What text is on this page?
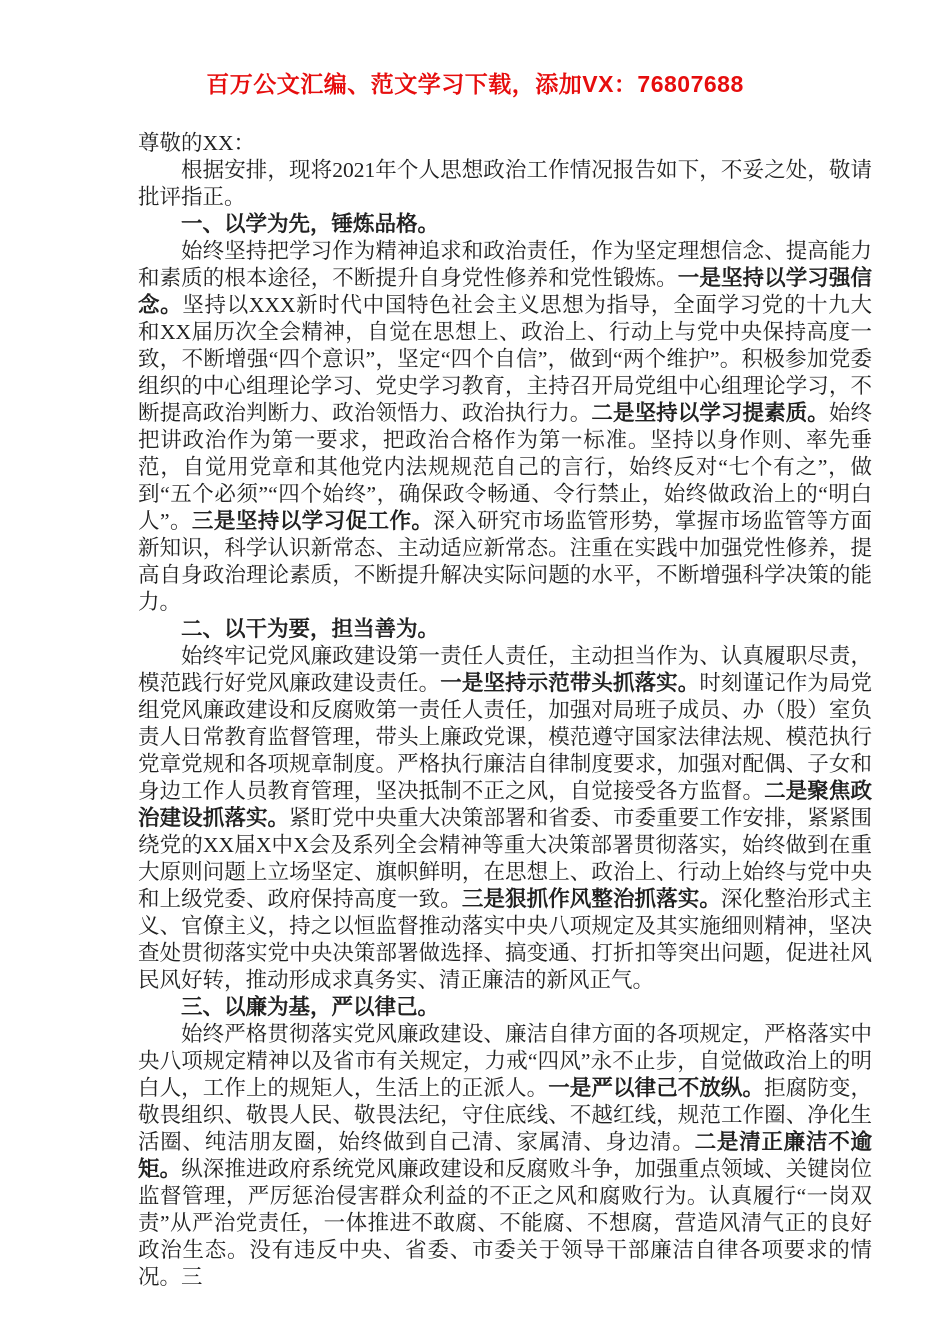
百万公文汇编、范文学习下载，添加VX：76807688

尊敬的XX：

根据安排，现将2021年个人思想政治工作情况报告如下，不妥之处，敬请批评指正。

一、以学为先，锤炼品格。

始终坚持把学习作为精神追求和政治责任，作为坚定理想信念、提高能力和素质的根本途径，不断提升自身党性修养和党性锻炼。一是坚持以学习强信念。坚持以XXX新时代中国特色社会主义思想为指导，全面学习党的十九大和XX届历次全会精神，自觉在思想上、政治上、行动上与党中央保持高度一致，不断增强“四个意识”，坚定“四个自信”，做到“两个维护”。积极参加党委组织的中心组理论学习、党史学习教育，主持召开局党组中心组理论学习，不断提高政治判断力、政治领悟力、政治执行力。二是坚持以学习提素质。始终把讲政治作为第一要求，把政治合格作为第一标准。坚持以身作则、率先垂范，自觉用党章和其他党内法规规范自己的言行，始终反对“七个有之”，做到“五个必须”“四个始终”，确保政令畅通、令行禁止，始终做政治上的“明白人”。三是坚持以学习促工作。深入研究市场监管形势，掌握市场监管等方面新知识，科学认识新常态、主动适应新常态。注重在实践中加强党性修养，提高自身政治理论素质，不断提升解决实际问题的水平，不断增强科学决策的能力。

二、以干为要，担当善为。

始终牢记党风廉政建设第一责任人责任，主动担当作为、认真履职尽责，模范践行好党风廉政建设责任。一是坚持示范带头抓落实。时刻谨记作为局党组党风廉政建设和反腐败第一责任人责任，加强对局班子成员、办（股）室负责人日常教育监督管理，带头上廉政党课，模范遵守国家法律法规、模范执行党章党规和各项规章制度。严格执行廉洁自律制度要求，加强对配偶、子女和身边工作人员教育管理，坚决抵制不正之风，自觉接受各方监督。二是聚焦政治建设抓落实。紧盯党中央重大决策部署和省委、市委重要工作安排，紧紧围绕党的XX届X中X会及系列全会精神等重大决策部署贯彻落实，始终做到在重大原则问题上立场坚定、旗帜鲜明，在思想上、政治上、行动上始终与党中央和上级党委、政府保持高度一致。三是狠抓作风整治抓落实。深化整治形式主义、官僚主义，持之以恒监督推动落实中央八项规定及其实施细则精神，坚决查处贯彻落实党中央决策部署做选择、搞变通、打折扣等突出问题，促进社风民风好转，推动形成求真务实、清正廉洁的新风正气。

三、以廉为基，严以律己。

始终严格贯彻落实党风廉政建设、廉洁自律方面的各项规定，严格落实中央八项规定精神以及省市有关规定，力戒“四风”永不止步，自觉做政治上的明白人，工作上的规矩人，生活上的正派人。一是严以律己不放纵。拒腐防变，敬畏组织、敬畏人民、敬畏法纪，守住底线、不越红线，规范工作圈、净化生活圈、纯洁朋友圈，始终做到自己清、家属清、身边清。二是清正廉洁不逾矩。纵深推进政府系统党风廉政建设和反腐败斗争，加强重点领域、关键岗位监督管理，严厉惩治侵害群众利益的不正之风和腐败行为。认真履行“一岗双责”从严治党责任，一体推进不敢腐、不能腐、不想腐，营造风清气正的良好政治生态。没有违反中央、省委、市委关于领导干部廉洁自律各项要求的情况。三
